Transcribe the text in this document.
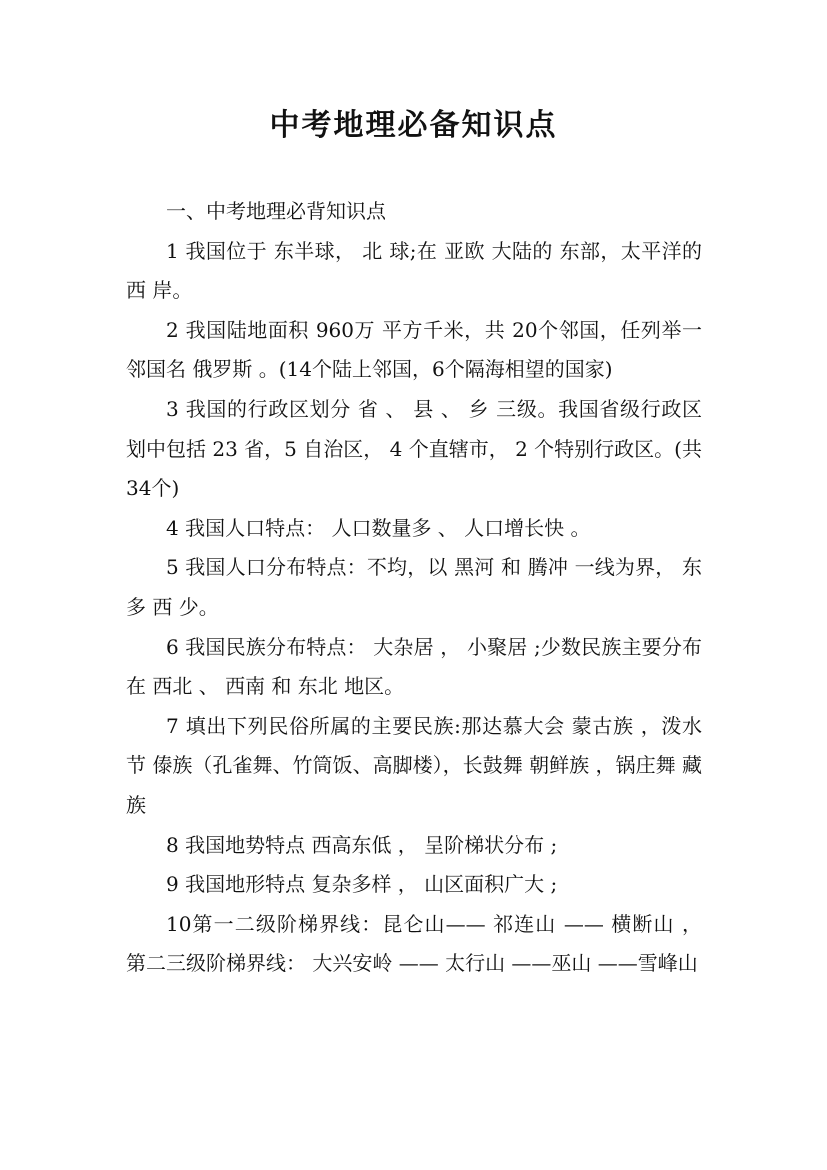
中考地理必备知识点

一、中考地理必背知识点

1 我国位于 东半球， 北 球;在 亚欧 大陆的 东部，太平洋的 西 岸。

2 我国陆地面积 960万 平方千米，共 20个邻国，任列举一邻国名 俄罗斯 。(14个陆上邻国，6个隔海相望的国家)

3 我国的行政区划分 省 、 县 、 乡 三级。我国省级行政区划中包括 23 省，5 自治区， 4 个直辖市， 2 个特别行政区。(共34个)

4 我国人口特点： 人口数量多 、 人口增长快 。

5 我国人口分布特点：不均，以 黑河 和 腾冲 一线为界， 东 多 西 少。

6 我国民族分布特点： 大杂居 ， 小聚居 ;少数民族主要分布在 西北 、 西南 和 东北 地区。

7 填出下列民俗所属的主要民族:那达慕大会 蒙古族 ，泼水节 傣族（孔雀舞、竹筒饭、高脚楼），长鼓舞 朝鲜族 ，锅庄舞 藏族

8 我国地势特点 西高东低 ， 呈阶梯状分布 ;

9 我国地形特点 复杂多样 ， 山区面积广大 ;

10第一二级阶梯界线：昆仑山—— 祁连山 —— 横断山 ， 第二三级阶梯界线： 大兴安岭 —— 太行山 ——巫山 ——雪峰山
